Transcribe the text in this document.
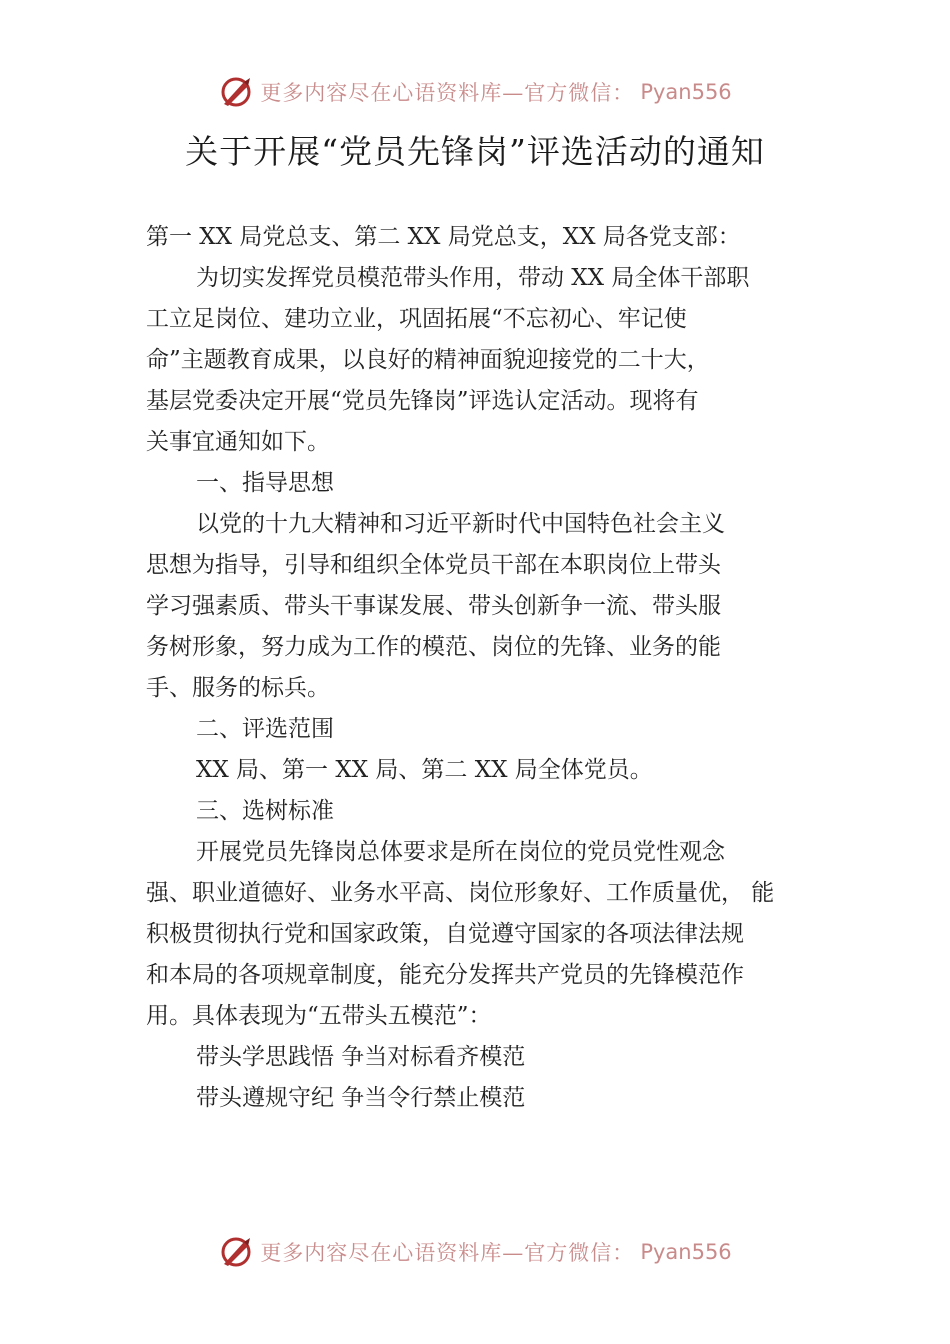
更多内容尽在心语资料库—官方微信： Pyan556
关于开展“党员先锋岗”评选活动的通知

第一 XX 局党总支、第二 XX 局党总支，XX 局各党支部：

为切实发挥党员模范带头作用，带动 XX 局全体干部职

工立足岗位、建功立业，巩固拓展“不忘初心、牢记使

命”主题教育成果，以良好的精神面貌迎接党的二十大，

基层党委决定开展“党员先锋岗”评选认定活动。现将有

关事宜通知如下。

一、指导思想

以党的十九大精神和习近平新时代中国特色社会主义

思想为指导，引导和组织全体党员干部在本职岗位上带头

学习强素质、带头干事谋发展、带头创新争一流、带头服

务树形象，努力成为工作的模范、岗位的先锋、业务的能

手、服务的标兵。

二、评选范围

XX 局、第一 XX 局、第二 XX 局全体党员。

三、选树标准

开展党员先锋岗总体要求是所在岗位的党员党性观念

强、职业道德好、业务水平高、岗位形象好、工作质量优， 能

积极贯彻执行党和国家政策，自觉遵守国家的各项法律法规

和本局的各项规章制度，能充分发挥共产党员的先锋模范作

用。具体表现为“五带头五模范”：

带头学思践悟 争当对标看齐模范

带头遵规守纪 争当令行禁止模范

更多内容尽在心语资料库—官方微信： Pyan556
